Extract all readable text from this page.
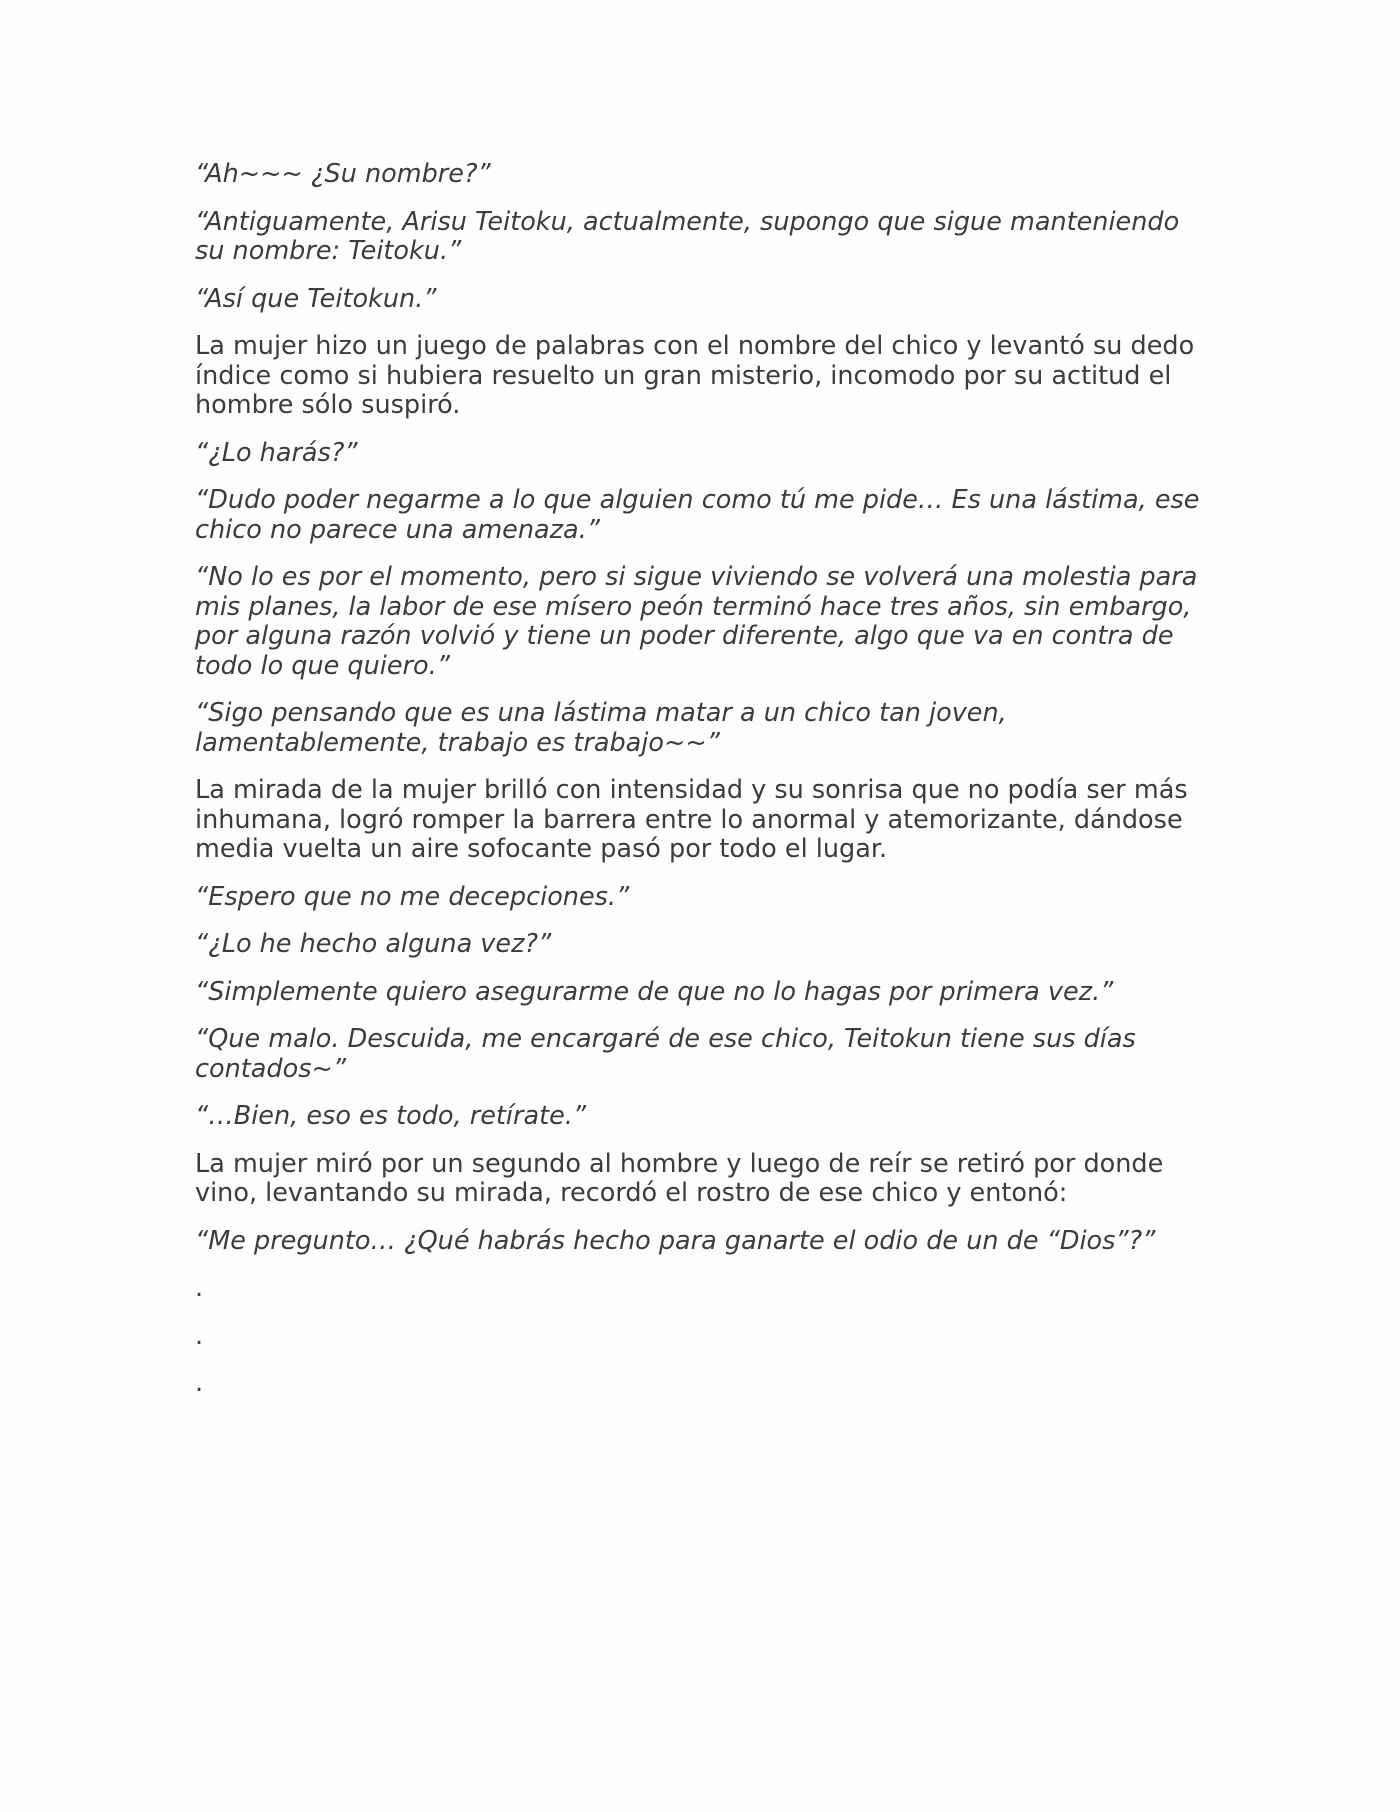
“Ah~~~ ¿Su nombre?”

“Antiguamente, Arisu Teitoku, actualmente, supongo que sigue manteniendo su nombre: Teitoku.”

“Así que Teitokun.”

La mujer hizo un juego de palabras con el nombre del chico y levantó su dedo índice como si hubiera resuelto un gran misterio, incomodo por su actitud el hombre sólo suspiró.

“¿Lo harás?”

“Dudo poder negarme a lo que alguien como tú me pide… Es una lástima, ese chico no parece una amenaza.”

“No lo es por el momento, pero si sigue viviendo se volverá una molestia para mis planes, la labor de ese mísero peón terminó hace tres años, sin embargo, por alguna razón volvió y tiene un poder diferente, algo que va en contra de todo lo que quiero.”

“Sigo pensando que es una lástima matar a un chico tan joven, lamentablemente, trabajo es trabajo~~”

La mirada de la mujer brilló con intensidad y su sonrisa que no podía ser más inhumana, logró romper la barrera entre lo anormal y atemorizante, dándose media vuelta un aire sofocante pasó por todo el lugar.

“Espero que no me decepciones.”

“¿Lo he hecho alguna vez?”

“Simplemente quiero asegurarme de que no lo hagas por primera vez.”

“Que malo. Descuida, me encargaré de ese chico, Teitokun tiene sus días contados~”

“…Bien, eso es todo, retírate.”

La mujer miró por un segundo al hombre y luego de reír se retiró por donde vino, levantando su mirada, recordó el rostro de ese chico y entonó:

“Me pregunto… ¿Qué habrás hecho para ganarte el odio de un de “Dios”?”

.

.

.
